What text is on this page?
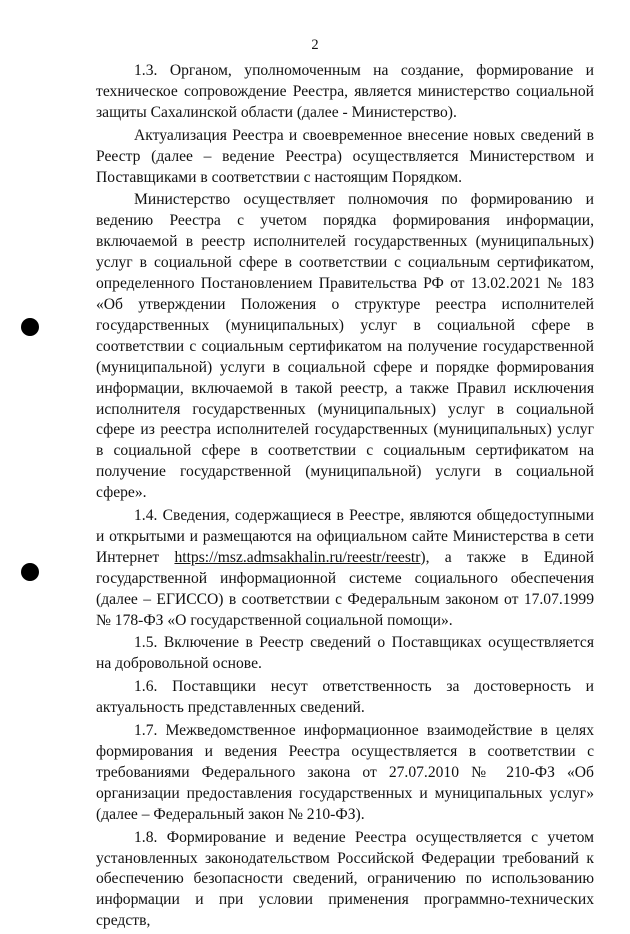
2

1.3. Органом, уполномоченным на создание, формирование и техническое сопровождение Реестра, является министерство социальной защиты Сахалинской области (далее - Министерство).

Актуализация Реестра и своевременное внесение новых сведений в Реестр (далее – ведение Реестра) осуществляется Министерством и Поставщиками в соответствии с настоящим Порядком.

Министерство осуществляет полномочия по формированию и ведению Реестра с учетом порядка формирования информации, включаемой в реестр исполнителей государственных (муниципальных) услуг в социальной сфере в соответствии с социальным сертификатом, определенного Постановлением Правительства РФ от 13.02.2021 № 183 «Об утверждении Положения о структуре реестра исполнителей государственных (муниципальных) услуг в социальной сфере в соответствии с социальным сертификатом на получение государственной (муниципальной) услуги в социальной сфере и порядке формирования информации, включаемой в такой реестр, а также Правил исключения исполнителя государственных (муниципальных) услуг в социальной сфере из реестра исполнителей государственных (муниципальных) услуг в социальной сфере в соответствии с социальным сертификатом на получение государственной (муниципальной) услуги в социальной сфере».

1.4. Сведения, содержащиеся в Реестре, являются общедоступными и открытыми и размещаются на официальном сайте Министерства в сети Интернет https://msz.admsakhalin.ru/reestr/reestr), а также в Единой государственной информационной системе социального обеспечения (далее – ЕГИССО) в соответствии с Федеральным законом от 17.07.1999 № 178-ФЗ «О государственной социальной помощи».

1.5. Включение в Реестр сведений о Поставщиках осуществляется на добровольной основе.

1.6. Поставщики несут ответственность за достоверность и актуальность представленных сведений.

1.7. Межведомственное информационное взаимодействие в целях формирования и ведения Реестра осуществляется в соответствии с требованиями Федерального закона от 27.07.2010 № 210-ФЗ «Об организации предоставления государственных и муниципальных услуг» (далее – Федеральный закон № 210-ФЗ).

1.8. Формирование и ведение Реестра осуществляется с учетом установленных законодательством Российской Федерации требований к обеспечению безопасности сведений, ограничению по использованию информации и при условии применения программно-технических средств,
